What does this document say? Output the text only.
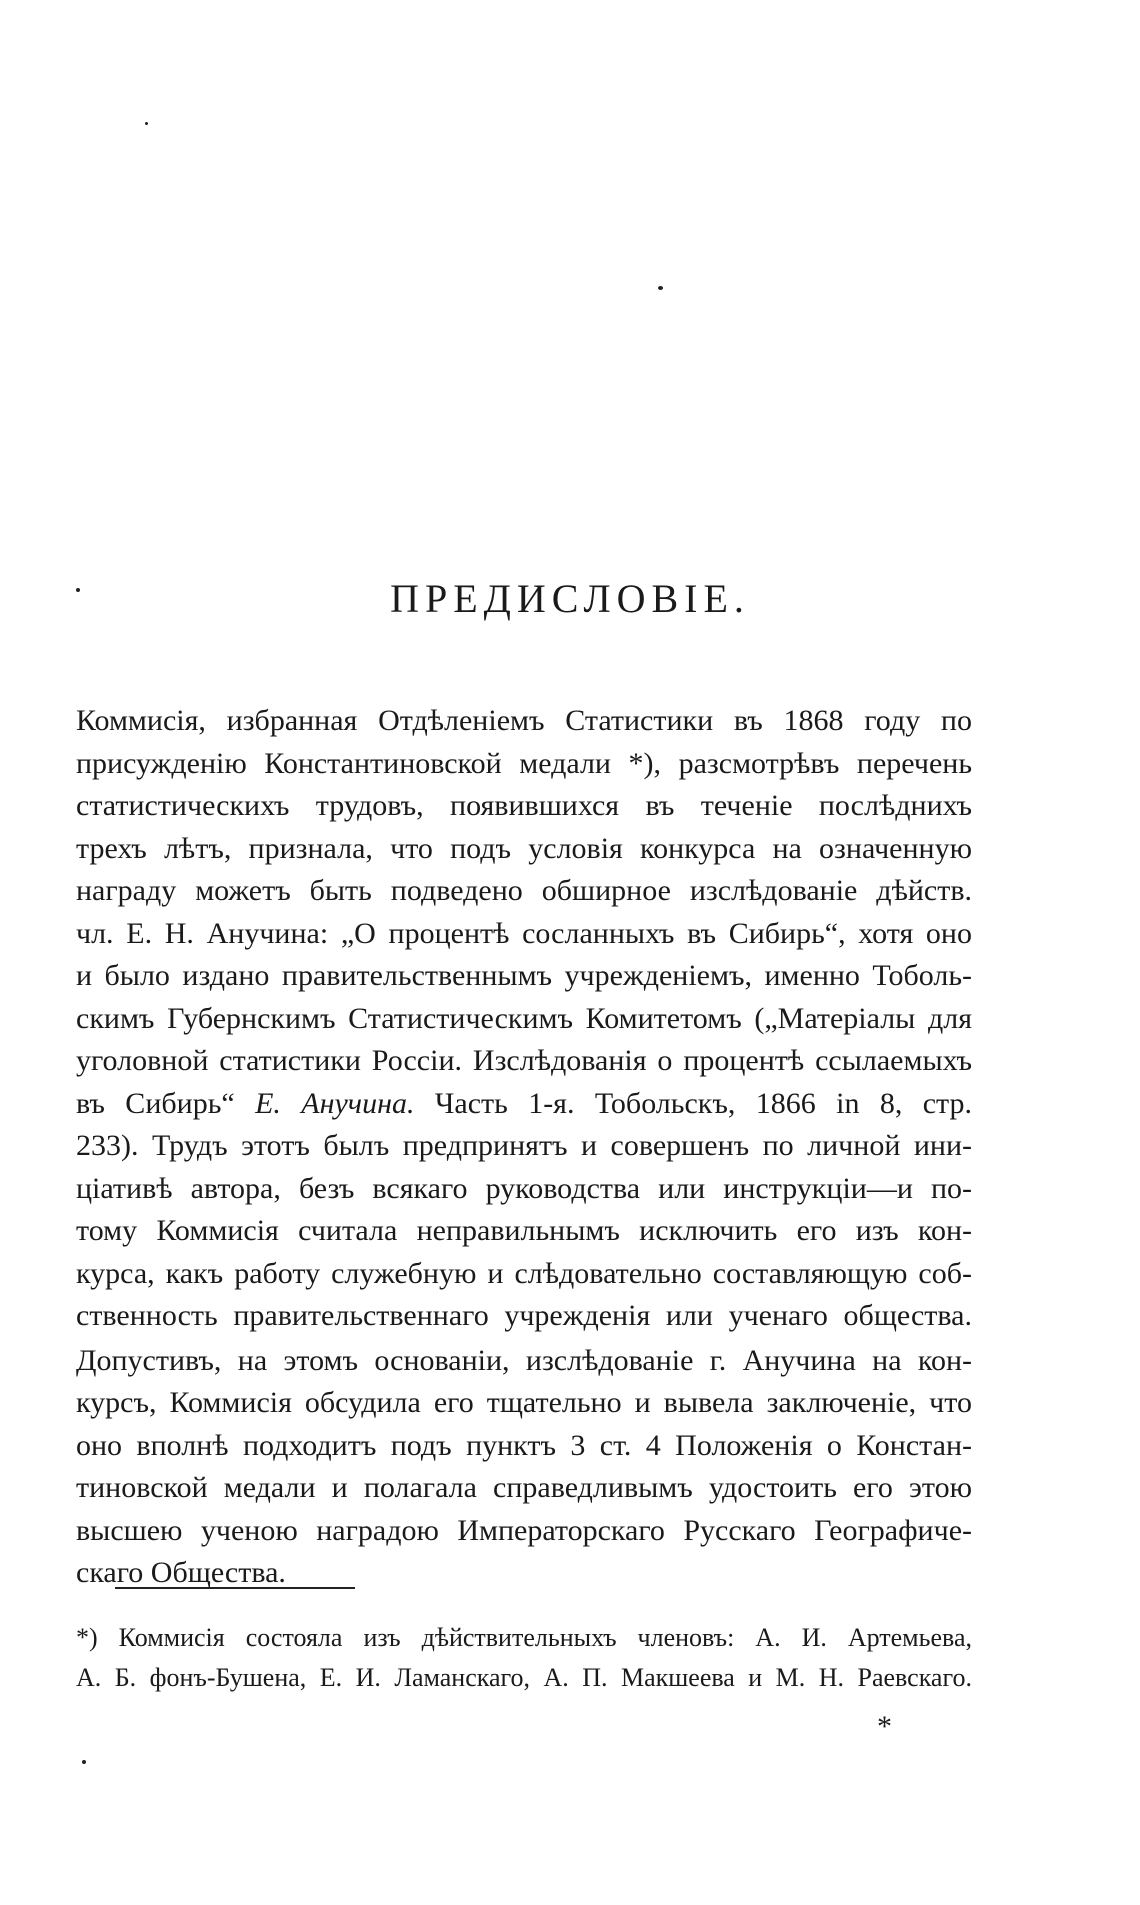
ПРЕДИСЛОВІЕ.
Коммисія, избранная Отдѣленіемъ Статистики въ 1868 году по
присужденію Константиновской медали *), разсмотрѣвъ перечень
статистическихъ трудовъ, появившихся въ теченіе послѣднихъ
трехъ лѣтъ, признала, что подъ условія конкурса на означенную
награду можетъ быть подведено обширное изслѣдованіе дѣйств.
чл. Е. Н. Анучина: „О процентѣ сосланныхъ въ Сибирь“, хотя оно
и было издано правительственнымъ учрежденіемъ, именно Тоболь-
скимъ Губернскимъ Статистическимъ Комитетомъ („Матеріалы для
уголовной статистики Россіи. Изслѣдованія о процентѣ ссылаемыхъ
въ Сибирь“ Е. Анучина. Часть 1-я. Тобольскъ, 1866 in 8, стр.
233). Трудъ этотъ былъ предпринятъ и совершенъ по личной ини-
ціативѣ автора, безъ всякаго руководства или инструкціи—и по-
тому Коммисія считала неправильнымъ исключить его изъ кон-
курса, какъ работу служебную и слѣдовательно составляющую соб-
ственность правительственнаго учрежденія или ученаго общества.
Допустивъ, на этомъ основаніи, изслѣдованіе г. Анучина на кон-
курсъ, Коммисія обсудила его тщательно и вывела заключеніе, что
оно вполнѣ подходитъ подъ пунктъ 3 ст. 4 Положенія о Констан-
тиновской медали и полагала справедливымъ удостоить его этою
высшею ученою наградою Императорскаго Русскаго Географиче-
скаго Общества.
*) Коммисія состояла изъ дѣйствительныхъ членовъ: А. И. Артемьева,
А. Б. фонъ-Бушена, Е. И. Ламанскаго, А. П. Макшеева и М. Н. Раевскаго.
*
